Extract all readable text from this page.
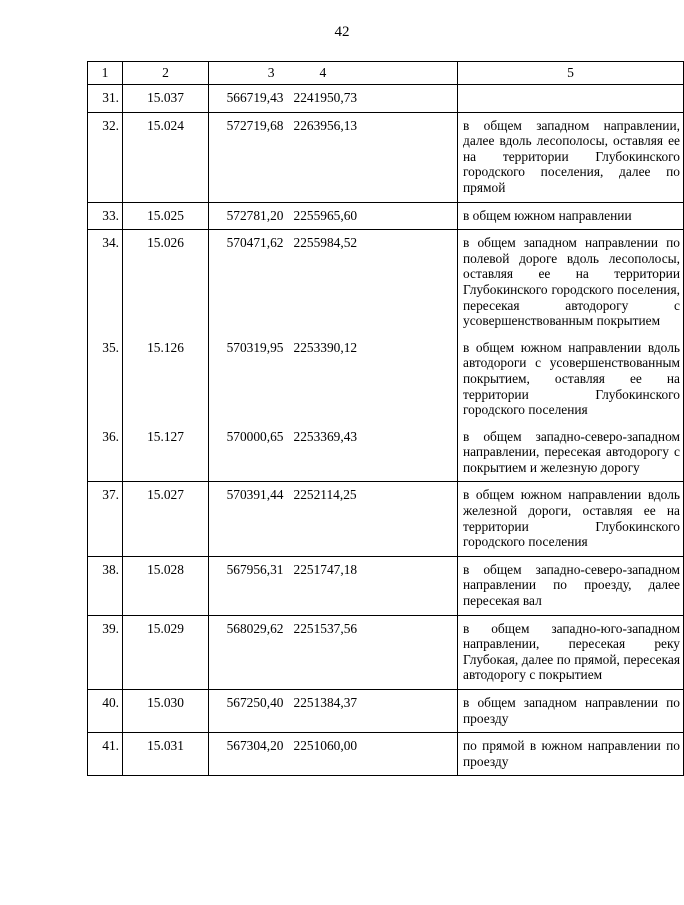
42
1	2	3	4	5
31.	15.037	566719,43	2241950,73	
32.	15.024	572719,68	2263956,13	в общем западном направлении, далее вдоль лесополосы, оставляя ее на территории Глубокинского городского поселения, далее по прямой
33.	15.025	572781,20	2255965,60	в общем южном направлении
34.	15.026	570471,62	2255984,52	в общем западном направлении по полевой дороге вдоль лесополосы, оставляя ее на территории Глубокинского городского поселения, пересекая автодорогу с усовершенствованным покрытием
35.	15.126	570319,95	2253390,12	в общем южном направлении вдоль автодороги с усовершенствованным покрытием, оставляя ее на территории Глубокинского городского поселения
36.	15.127	570000,65	2253369,43	в общем западно-северо-западном направлении, пересекая автодорогу с покрытием и железную дорогу
37.	15.027	570391,44	2252114,25	в общем южном направлении вдоль железной дороги, оставляя ее на территории Глубокинского городского поселения
38.	15.028	567956,31	2251747,18	в общем западно-северо-западном направлении по проезду, далее пересекая вал
39.	15.029	568029,62	2251537,56	в общем западно-юго-западном направлении, пересекая реку Глубокая, далее по прямой, пересекая автодорогу с покрытием
40.	15.030	567250,40	2251384,37	в общем западном направлении по проезду
41.	15.031	567304,20	2251060,00	по прямой в южном направлении по проезду
